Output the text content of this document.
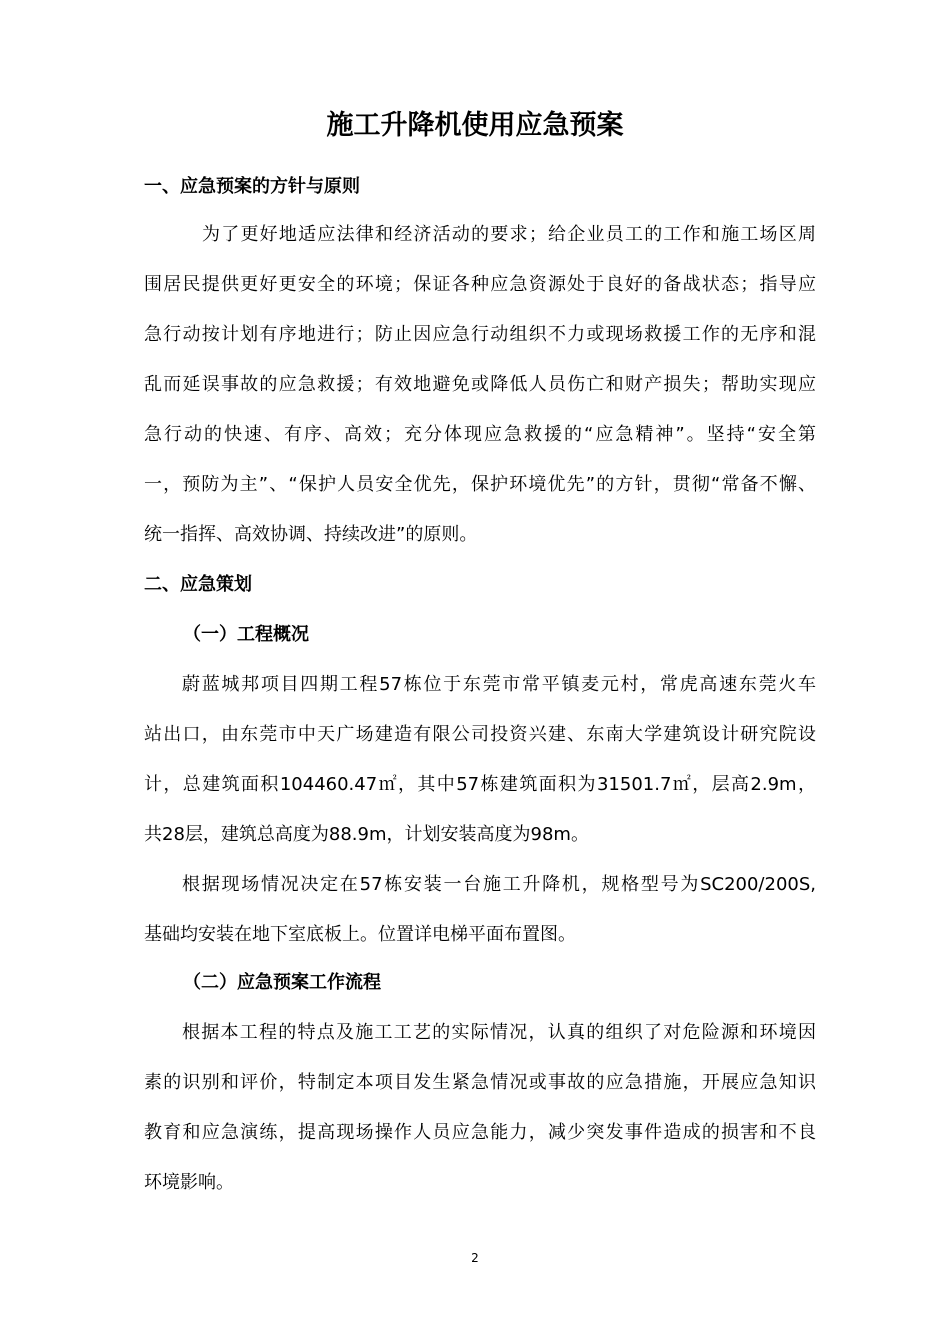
施工升降机使用应急预案
一、应急预案的方针与原则
为了更好地适应法律和经济活动的要求；给企业员工的工作和施工场区周
围居民提供更好更安全的环境；保证各种应急资源处于良好的备战状态；指导应
急行动按计划有序地进行；防止因应急行动组织不力或现场救援工作的无序和混
乱而延误事故的应急救援；有效地避免或降低人员伤亡和财产损失；帮助实现应
急行动的快速、有序、高效；充分体现应急救援的“应急精神”。坚持“安全第
一，预防为主”、“保护人员安全优先，保护环境优先”的方针，贯彻“常备不懈、
统一指挥、高效协调、持续改进”的原则。
二、应急策划
（一）工程概况
蔚蓝城邦项目四期工程57栋位于东莞市常平镇麦元村，常虎高速东莞火车
站出口，由东莞市中天广场建造有限公司投资兴建、东南大学建筑设计研究院设
计，总建筑面积104460.47㎡，其中57栋建筑面积为31501.7㎡，层高2.9m，
共28层，建筑总高度为88.9m，计划安装高度为98m。
根据现场情况决定在57栋安装一台施工升降机，规格型号为SC200/200S,
基础均安装在地下室底板上。位置详电梯平面布置图。
（二）应急预案工作流程
根据本工程的特点及施工工艺的实际情况，认真的组织了对危险源和环境因
素的识别和评价，特制定本项目发生紧急情况或事故的应急措施，开展应急知识
教育和应急演练，提高现场操作人员应急能力，减少突发事件造成的损害和不良
环境影响。
2
